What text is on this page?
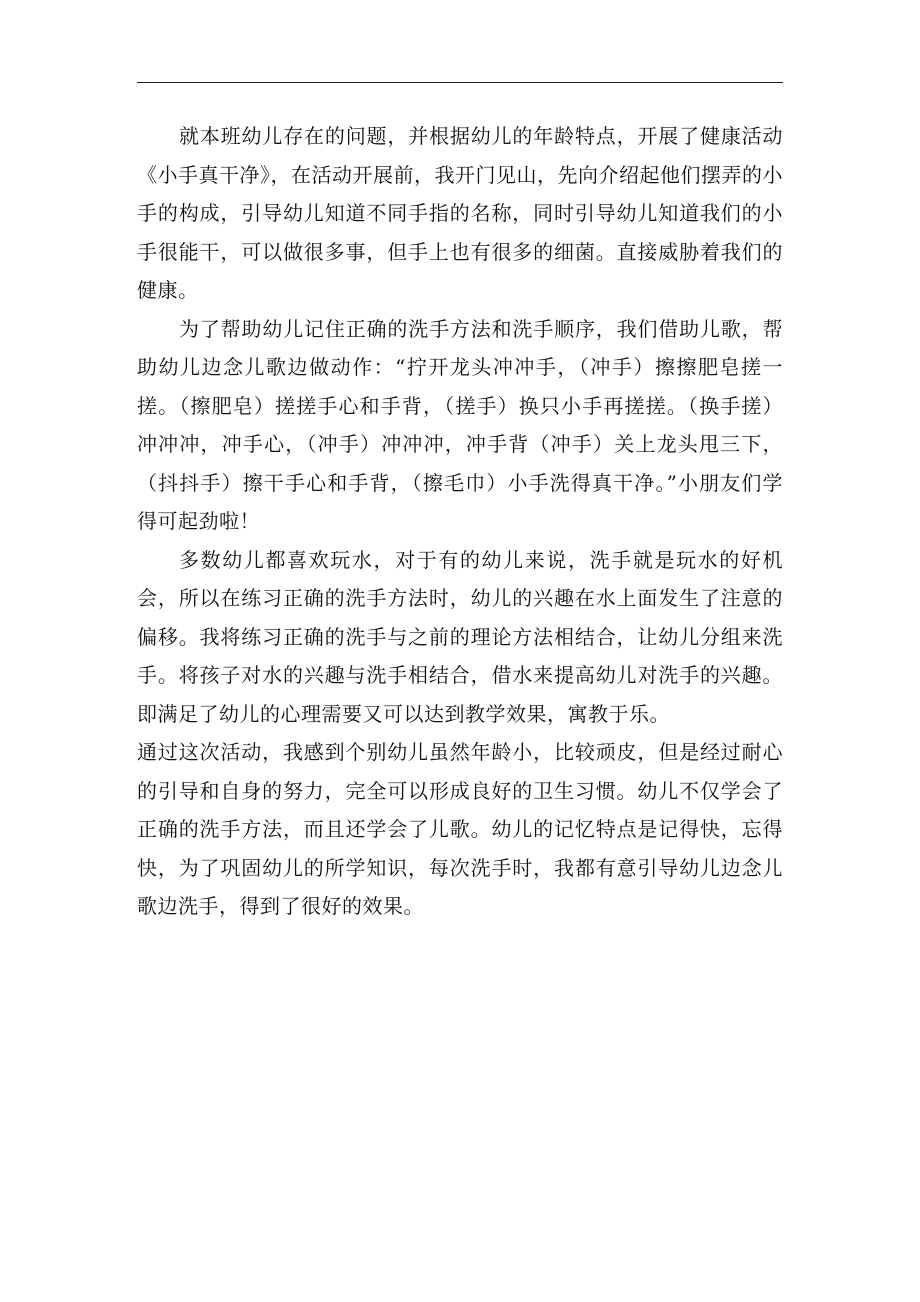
就本班幼儿存在的问题，并根据幼儿的年龄特点，开展了健康活动《小手真干净》，在活动开展前，我开门见山，先向介绍起他们摆弄的小手的构成，引导幼儿知道不同手指的名称，同时引导幼儿知道我们的小手很能干，可以做很多事，但手上也有很多的细菌。直接威胁着我们的健康。

为了帮助幼儿记住正确的洗手方法和洗手顺序，我们借助儿歌，帮助幼儿边念儿歌边做动作：“拧开龙头冲冲手，（冲手）擦擦肥皂搓一搓。（擦肥皂）搓搓手心和手背，（搓手）换只小手再搓搓。（换手搓）冲冲冲，冲手心，（冲手）冲冲冲，冲手背（冲手）关上龙头甩三下，（抖抖手）擦干手心和手背，（擦毛巾）小手洗得真干净。”小朋友们学得可起劲啦！

多数幼儿都喜欢玩水，对于有的幼儿来说，洗手就是玩水的好机会，所以在练习正确的洗手方法时，幼儿的兴趣在水上面发生了注意的偏移。我将练习正确的洗手与之前的理论方法相结合，让幼儿分组来洗手。将孩子对水的兴趣与洗手相结合，借水来提高幼儿对洗手的兴趣。即满足了幼儿的心理需要又可以达到教学效果，寓教于乐。

通过这次活动，我感到个别幼儿虽然年龄小，比较顽皮，但是经过耐心的引导和自身的努力，完全可以形成良好的卫生习惯。幼儿不仅学会了正确的洗手方法，而且还学会了儿歌。幼儿的记忆特点是记得快，忘得快，为了巩固幼儿的所学知识，每次洗手时，我都有意引导幼儿边念儿歌边洗手，得到了很好的效果。
